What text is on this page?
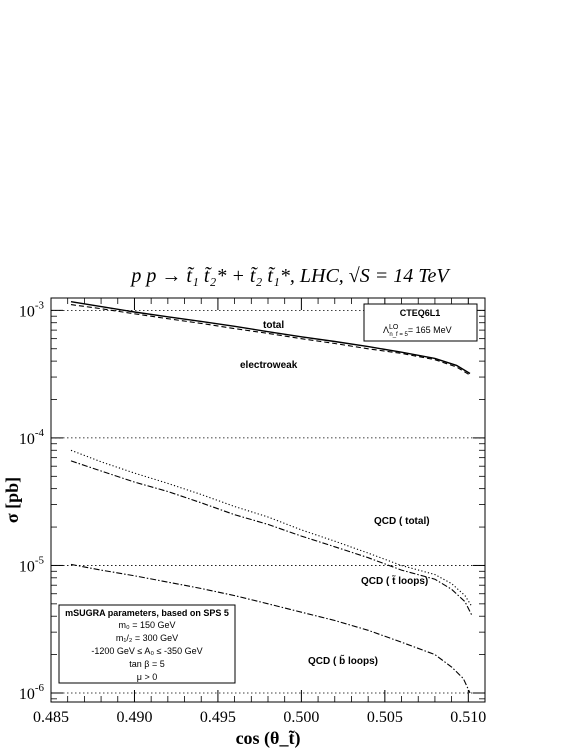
p p → t̃₁ t̃₂* + t̃₂ t̃₁*, LHC, √S = 14 TeV
$10^{-3}$
$10^{-4}$
$10^{-5}$
$10^{-6}$
0.485	0.490	0.495	0.500	0.505	0.510
cos (θ_t̃)
σ [pb]
total
electroweak
QCD ( total)
QCD ( t̃ loops)
QCD ( b̃ loops)
CTEQ6L1
$\Lambda^{LO}$ n_f = 5= 165 MeV
mSUGRA parameters, based on SPS 5
m₀ = 150 GeV
m₁/₂ = 300 GeV
-1200 GeV ≤ A₀ ≤ -350 GeV
tan β = 5
μ > 0
